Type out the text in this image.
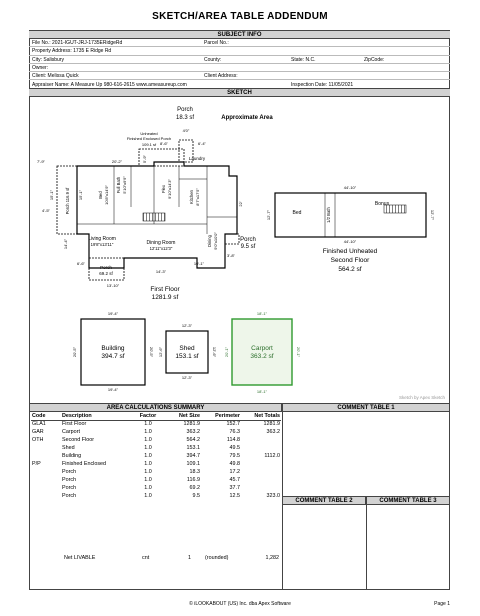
SKETCH/AREA TABLE ADDENDUM
SUBJECT INFO
File No.: 2021-IGUT-JRJ-1735ERidgeRd	Parcel No.:
Property Address: 1735 E Ridge Rd
City: Salisbury	County:	State: N.C.	ZipCode:
Owner:
Client: Melissa Quick	Client Address:
Appraiser Name: A Measure Up 980-616-2615 www.ameasureup.com	Inspection Date: 11/05/2021
SKETCH
Porch
18.3 sf	Approximate Area
Unheated
Finished Enclosed Porch
109.1 sf
Laundry
Bed 10'8"x14'9"
Full Bath 5'10"x9'9"	Flex 9'10"x14'3"	Kitchen 8'7"x17'5"
Living Room
19'8"x13'11"	Dining Room
12'11"x12'3"
Dining 9'0"x10'0"
Porch 116.9 sf
Porch
69.2 sf
Porch
9.5 sf
First Floor
1281.9 sf
Bed	1/2 Bath
Bonus
Finished Unheated
Second Floor
564.2 sf
Building
394.7 sf
Shed
153.1 sf
Carport
363.2 sf
4'0"
8'-6"	6'-4"
7'-9"	20'-2"	5'-9"
15'-1"
4'-5"
15'-1"
22'
14'-4"
6'-6"
13'-10"
14'-3"
10'-1"
3'-8"
44'-10"
44'-10"
12'-7"	12'-7"
19'-4"
20'-5"	20'-5"
19'-4"
12'-3"
12'-6"	12'-6"
12'-3"
18'-1"
20'-1"	20'-1"
18'-1"
Sketch by Apex Sketch
AREA CALCULATIONS SUMMARY	COMMENT TABLE 1
COMMENT TABLE 2	COMMENT TABLE 3
Code	Description	Factor	Net Size	Perimeter	Net Totals
GLA1	First Floor	1.0	1281.9	152.7	1281.9
GAR	Carport	1.0	363.2	76.3	363.2
OTH	Second Floor	1.0	564.2	114.8	
	Shed	1.0	153.1	49.5	
	Building	1.0	394.7	79.5	1112.0
P/P	Finished Enclosed	1.0	109.1	49.8	
	Porch	1.0	18.3	17.2	
	Porch	1.0	116.9	45.7	
	Porch	1.0	69.2	37.7	
	Porch	1.0	9.5	12.5	323.0
Net LIVABLE	cnt	1	(rounded)	1,282
© iLOOKABOUT (US) Inc. dba Apex Software	Page 1
